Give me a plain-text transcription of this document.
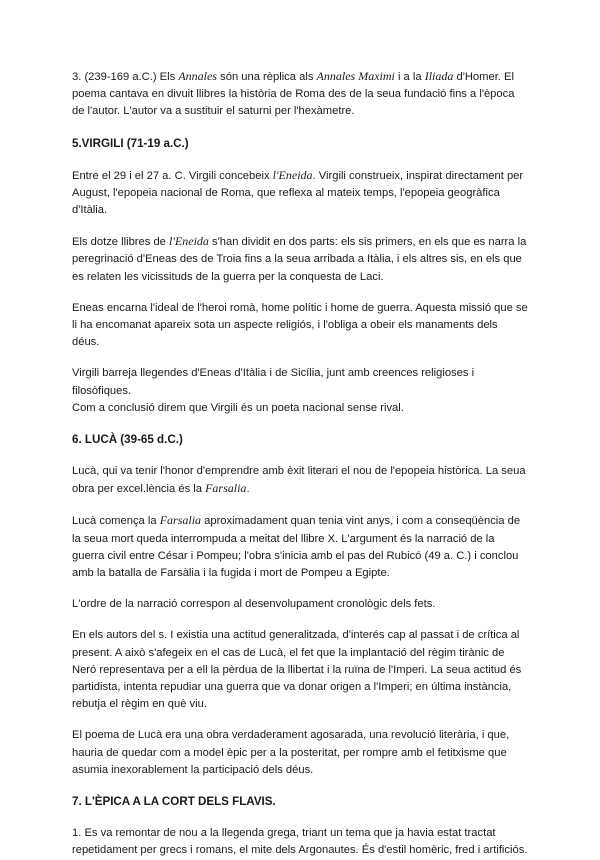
3. (239-169 a.C.) Els Annales són una rèplica als Annales Maximi i a la Iliada d'Homer. El poema cantava en divuit llibres la història de Roma des de la seua fundació fins a l'època de l'autor. L'autor va a sustituir el saturni per l'hexàmetre.

5.VIRGILI (71-19 a.C.)

Entre el 29 i el 27 a. C. Virgili concebeix l'Eneida. Virgili construeix, inspirat directament per August, l'epopeia nacional de Roma, que reflexa al mateix temps, l'epopeia geogràfica d'Itàlia.

Els dotze llibres de l'Eneida s'han dividit en dos parts: els sis primers, en els que es narra la peregrinació d'Eneas des de Troia fins a la seua arribada a Itàlia, i els altres sis, en els que es relaten les vicissituds de la guerra per la conquesta de Laci.

Eneas encarna l'ideal de l'heroi romà, home polític i home de guerra. Aquesta missió que se li ha encomanat apareix sota un aspecte religiós, i l'obliga a obeir els manaments dels déus.

Virgili barreja llegendes d'Eneas d'Itàlia i de Sicília, junt amb creences religioses i filosòfiques.

Com a conclusió direm que Virgili és un poeta nacional sense rival.

6. LUCÀ (39-65 d.C.)

Lucà, qui va tenir l'honor d'emprendre amb èxit literari el nou de l'epopeia històrica. La seua obra per excel.lència és la Farsalia.

Lucà comença la Farsalia aproximadament quan tenia vint anys, i com a conseqüència de la seua mort queda interrompuda a meitat del llibre X. L'argument és la narració de la guerra civil entre César i Pompeu; l'obra s'inicia amb el pas del Rubicó (49 a. C.) i conclou amb la batalla de Farsàlia i la fugida i mort de Pompeu a Egipte.

L'ordre de la narració correspon al desenvolupament cronològic dels fets.

En els autors del s. I existia una actitud generalitzada, d'interés cap al passat i de crítica al present. A això s'afegeix en el cas de Lucà, el fet que la implantació del règim tirànic de Neró representava per a ell la pèrdua de la llibertat i la ruïna de l'Imperi. La seua actitud és partidista, intenta repudiar una guerra que va donar origen a l'Imperi; en última instància, rebutja el règim en què viu.

El poema de Lucà era una obra verdaderament agosarada, una revolució literària, i que, hauria de quedar com a model èpic per a la posteritat, per rompre amb el fetitxisme que asumia inexorablement la participació dels déus.

7. L'ÈPICA A LA CORT DELS FLAVIS.

1. Es va remontar de nou a la llegenda grega, triant un tema que ja havia estat tractat repetidament per grecs i romans, el mite dels Argonautes. És d'estil homèric, fred i artificiós.
